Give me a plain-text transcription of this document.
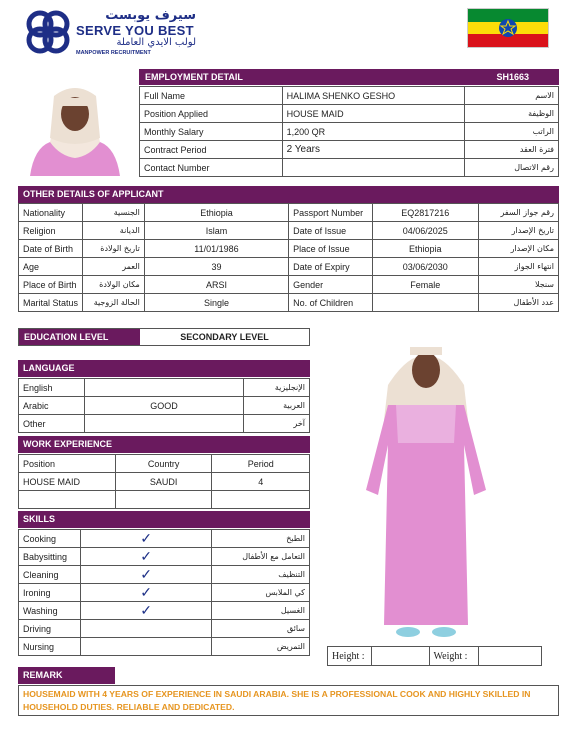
سيرف يوبست
SERVE YOU BEST
لولب الايدي العاملة
MANPOWER RECRUITMENT
EMPLOYMENT DETAIL	SH1663
Full Name	HALIMA SHENKO GESHO	الاسم
Position Applied	HOUSE MAID	الوظيفة
Monthly Salary	1,200 QR	الراتب
Contract Period	2 Years	فترة العقد
Contact Number		رقم الاتصال
OTHER DETAILS OF APPLICANT
Nationality	الجنسية	Ethiopia	Passport Number	EQ2817216	رقم جواز السفر
Religion	الديانة	Islam	Date of Issue	04/06/2025	تاريخ الإصدار
Date of Birth	تاريخ الولادة	11/01/1986	Place of Issue	Ethiopia	مكان الإصدار
Age	العمر	39	Date of Expiry	03/06/2030	انتهاء الجواز
Place of Birth	مكان الولادة	ARSI	Gender	Female	سنجلا
Marital Status	الحالة الزوجية	Single	No. of Children		عدد الأطفال
EDUCATION LEVEL	SECONDARY LEVEL
LANGUAGE
English		الإنجليزية
Arabic	GOOD	العربية
Other		آخر
WORK EXPERIENCE
Position	Country	Period
HOUSE MAID	SAUDI	4

SKILLS
Cooking	✓	الطبخ
Babysitting	✓	التعامل مع الأطفال
Cleaning	✓	التنظيف
Ironing	✓	كي الملابس
Washing	✓	الغسيل
Driving		سائق
Nursing		التمريض
Height :		Weight :	
REMARK
HOUSEMAID WITH 4 YEARS OF EXPERIENCE IN SAUDI ARABIA. SHE IS A PROFESSIONAL COOK AND HIGHLY SKILLED IN HOUSEHOLD DUTIES. RELIABLE AND DEDICATED.
